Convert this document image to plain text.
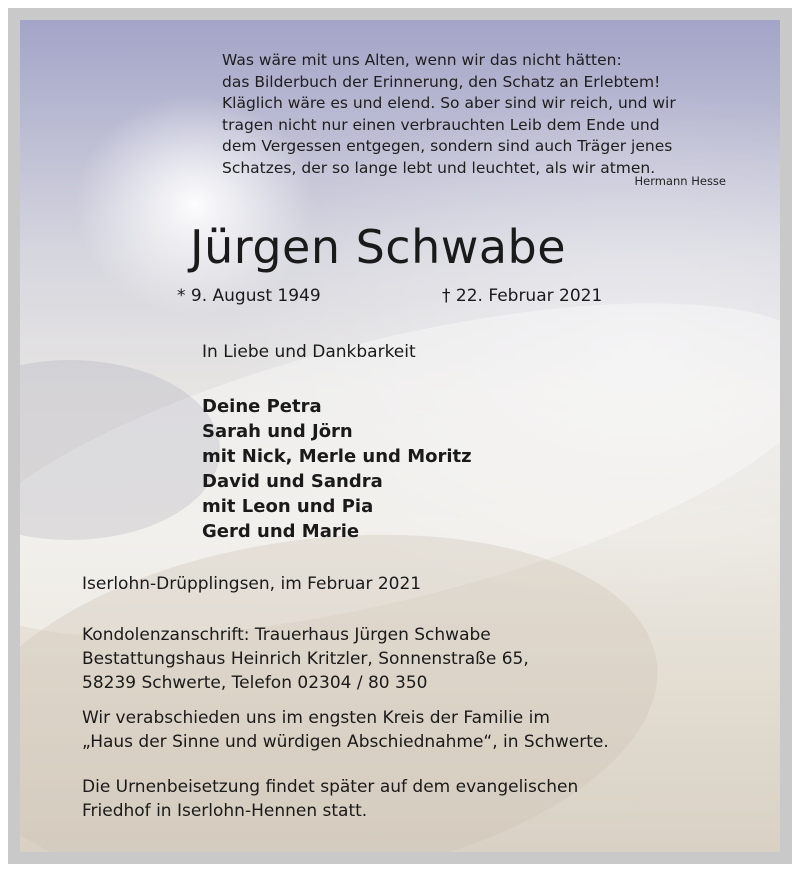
Was wäre mit uns Alten, wenn wir das nicht hätten:
das Bilderbuch der Erinnerung, den Schatz an Erlebtem!
Kläglich wäre es und elend. So aber sind wir reich, und wir
tragen nicht nur einen verbrauchten Leib dem Ende und
dem Vergessen entgegen, sondern sind auch Träger jenes
Schatzes, der so lange lebt und leuchtet, als wir atmen.
Hermann Hesse
Jürgen Schwabe
* 9. August 1949	† 22. Februar 2021
In Liebe und Dankbarkeit
Deine Petra
Sarah und Jörn
mit Nick, Merle und Moritz
David und Sandra
mit Leon und Pia
Gerd und Marie
Iserlohn-Drüpplingsen, im Februar 2021
Kondolenzanschrift: Trauerhaus Jürgen Schwabe
Bestattungshaus Heinrich Kritzler, Sonnenstraße 65,
58239 Schwerte, Telefon 02304 / 80 350
Wir verabschieden uns im engsten Kreis der Familie im
„Haus der Sinne und würdigen Abschiednahme“, in Schwerte.
Die Urnenbeisetzung findet später auf dem evangelischen
Friedhof in Iserlohn-Hennen statt.
